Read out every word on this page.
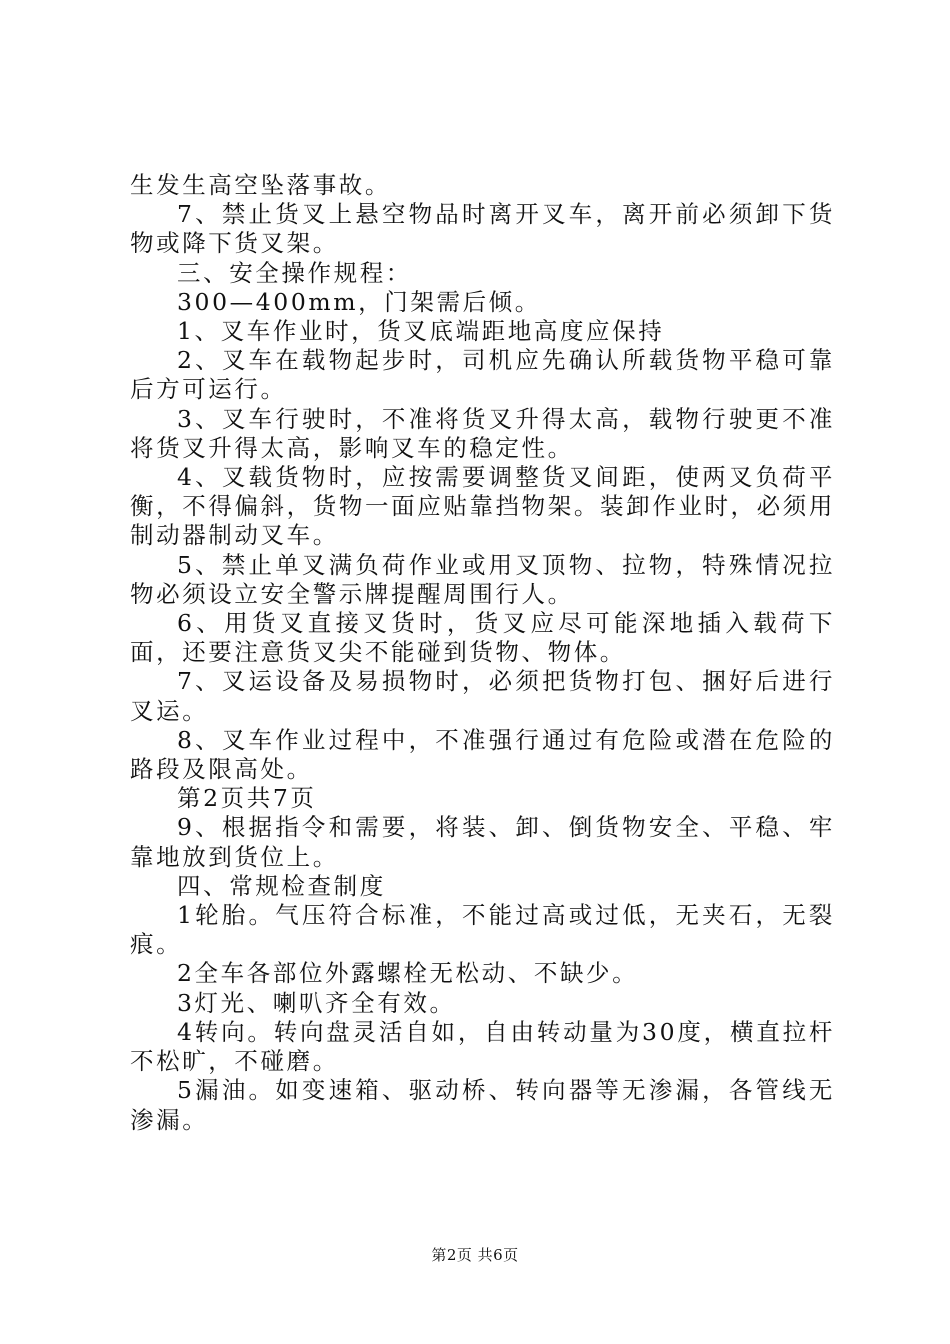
生发生高空坠落事故。

7、禁止货叉上悬空物品时离开叉车，离开前必须卸下货物或降下货叉架。

三、安全操作规程：

300—400mm，门架需后倾。

1、叉车作业时，货叉底端距地高度应保持

2、叉车在载物起步时，司机应先确认所载货物平稳可靠后方可运行。

3、叉车行驶时，不准将货叉升得太高，载物行驶更不准将货叉升得太高，影响叉车的稳定性。

4、叉载货物时，应按需要调整货叉间距，使两叉负荷平衡，不得偏斜，货物一面应贴靠挡物架。装卸作业时，必须用制动器制动叉车。

5、禁止单叉满负荷作业或用叉顶物、拉物，特殊情况拉物必须设立安全警示牌提醒周围行人。

6、用货叉直接叉货时，货叉应尽可能深地插入载荷下面，还要注意货叉尖不能碰到货物、物体。

7、叉运设备及易损物时，必须把货物打包、捆好后进行叉运。

8、叉车作业过程中，不准强行通过有危险或潜在危险的路段及限高处。

第2页共7页

9、根据指令和需要，将装、卸、倒货物安全、平稳、牢靠地放到货位上。

四、常规检查制度

1轮胎。气压符合标准，不能过高或过低，无夹石，无裂痕。

2全车各部位外露螺栓无松动、不缺少。

3灯光、喇叭齐全有效。

4转向。转向盘灵活自如，自由转动量为30度，横直拉杆不松旷，不碰磨。

5漏油。如变速箱、驱动桥、转向器等无渗漏，各管线无渗漏。

第2页 共6页
